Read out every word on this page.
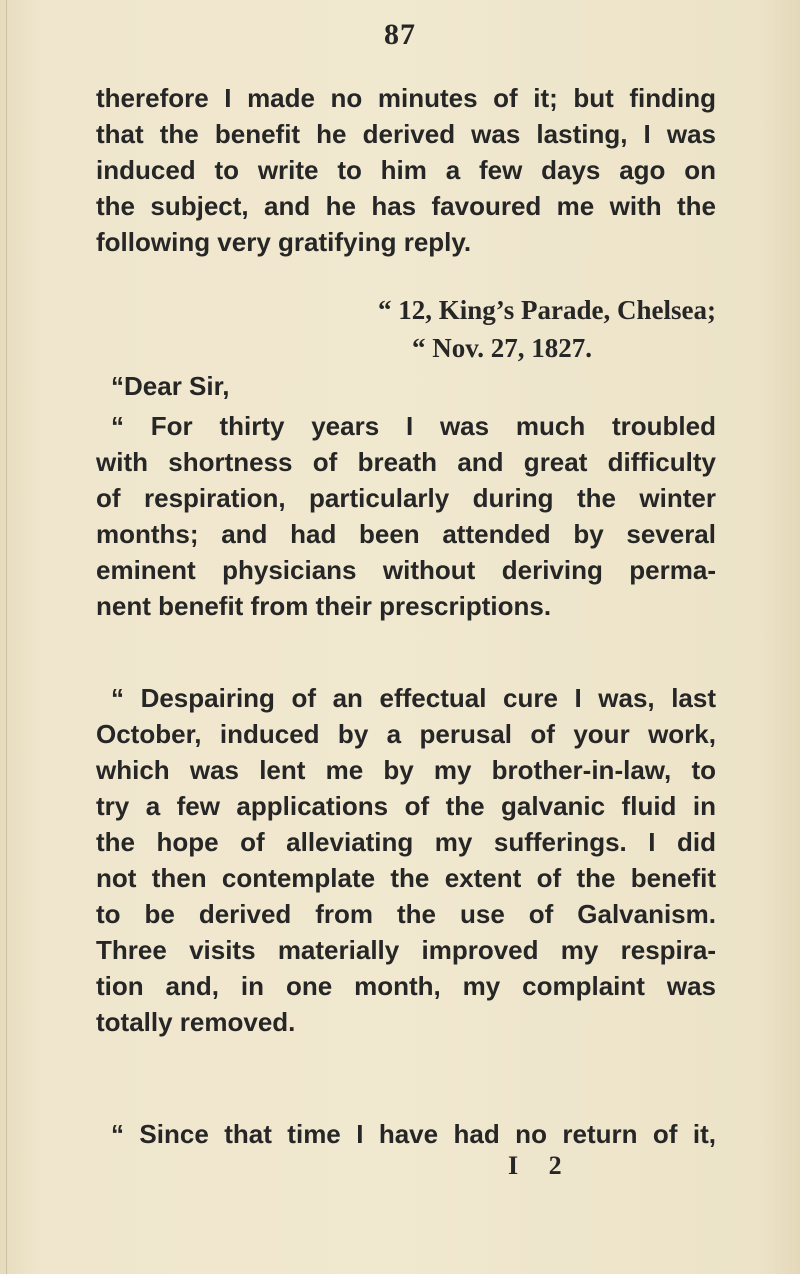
87
therefore I made no minutes of it; but finding
that the benefit he derived was lasting, I was
induced to write to him a few days ago on
the subject, and he has favoured me with the
following very gratifying reply.
“ 12, King’s Parade, Chelsea;
“ Nov. 27, 1827.
“Dear Sir,
“ For thirty years I was much troubled
with shortness of breath and great difficulty
of respiration, particularly during the winter
months; and had been attended by several
eminent physicians without deriving perma-
nent benefit from their prescriptions.
“ Despairing of an effectual cure I was, last
October, induced by a perusal of your work,
which was lent me by my brother-in-law, to
try a few applications of the galvanic fluid in
the hope of alleviating my sufferings. I did
not then contemplate the extent of the benefit
to be derived from the use of Galvanism.
Three visits materially improved my respira-
tion and, in one month, my complaint was
totally removed.
“ Since that time I have had no return of it,
I 2
